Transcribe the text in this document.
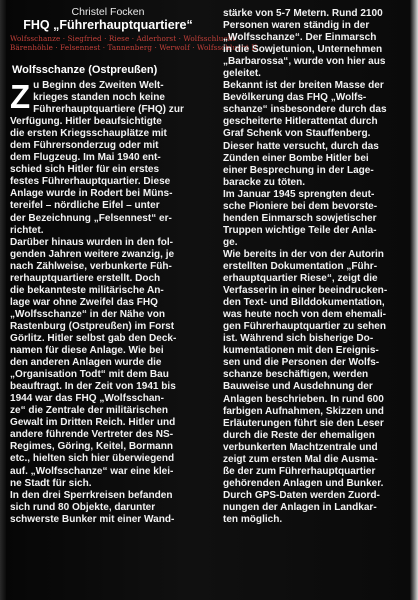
Christel Focken
FHQ „Führerhauptquartiere“
Wolfsschanze · Siegfried · Riese · Adlerhorst · Wolfsschlucht
Bärenhöhle · Felsennest · Tannenberg · Werwolf · Wolfsschlucht II
Wolfsschanze (Ostpreußen)

Zu Beginn des Zweiten Welt-
krieges standen noch keine
Führerhauptquartiere (FHQ) zur
Verfügung. Hitler beaufsichtigte
die ersten Kriegsschauplätze mit
dem Führersonderzug oder mit
dem Flugzeug. Im Mai 1940 ent-
schied sich Hitler für ein erstes
festes Führerhauptquartier. Diese
Anlage wurde in Rodert bei Müns-
tereifel – nördliche Eifel – unter
der Bezeichnung „Felsennest“ er-
richtet.

Darüber hinaus wurden in den fol-
genden Jahren weitere zwanzig, je
nach Zählweise, verbunkerte Füh-
rerhauptquartiere erstellt. Doch
die bekannteste militärische An-
lage war ohne Zweifel das FHQ
„Wolfsschanze“ in der Nähe von
Rastenburg (Ostpreußen) im Forst
Görlitz. Hitler selbst gab den Deck-
namen für diese Anlage. Wie bei
den anderen Anlagen wurde die
„Organisation Todt“ mit dem Bau
beauftragt. In der Zeit von 1941 bis
1944 war das FHQ „Wolfsschan-
ze“ die Zentrale der militärischen
Gewalt im Dritten Reich. Hitler und
andere führende Vertreter des NS-
Regimes, Göring, Keitel, Bormann
etc., hielten sich hier überwiegend
auf. „Wolfsschanze“ war eine klei-
ne Stadt für sich.

In den drei Sperrkreisen befanden
sich rund 80 Objekte, darunter
schwerste Bunker mit einer Wand-

stärke von 5-7 Metern. Rund 2100
Personen waren ständig in der
„Wolfsschanze“. Der Einmarsch
in die Sowjetunion, Unternehmen
„Barbarossa“, wurde von hier aus
geleitet.

Bekannt ist der breiten Masse der
Bevölkerung das FHQ „Wolfs-
schanze“ insbesondere durch das
gescheiterte Hitlerattentat durch
Graf Schenk von Stauffenberg.
Dieser hatte versucht, durch das
Zünden einer Bombe Hitler bei
einer Besprechung in der Lage-
baracke zu töten.

Im Januar 1945 sprengten deut-
sche Pioniere bei dem bevorste-
henden Einmarsch sowjetischer
Truppen wichtige Teile der Anla-
ge.

Wie bereits in der von der Autorin
erstellten Dokumentation „Führ-
erhauptquartier Riese“, zeigt die
Verfasserin in einer beeindrucken-
den Text- und Bilddokumentation,
was heute noch von dem ehemali-
gen Führerhauptquartier zu sehen
ist. Während sich bisherige Do-
kumentationen mit den Ereignis-
sen und die Personen der Wolfs-
schanze beschäftigen, werden
Bauweise und Ausdehnung der
Anlagen beschrieben. In rund 600
farbigen Aufnahmen, Skizzen und
Erläuterungen führt sie den Leser
durch die Reste der ehemaligen
verbunkerten Machtzentrale und
zeigt zum ersten Mal die Ausma-
ße der zum Führerhauptquartier
gehörenden Anlagen und Bunker.
Durch GPS-Daten werden Zuord-
nungen der Anlagen in Landkar-
ten möglich.
